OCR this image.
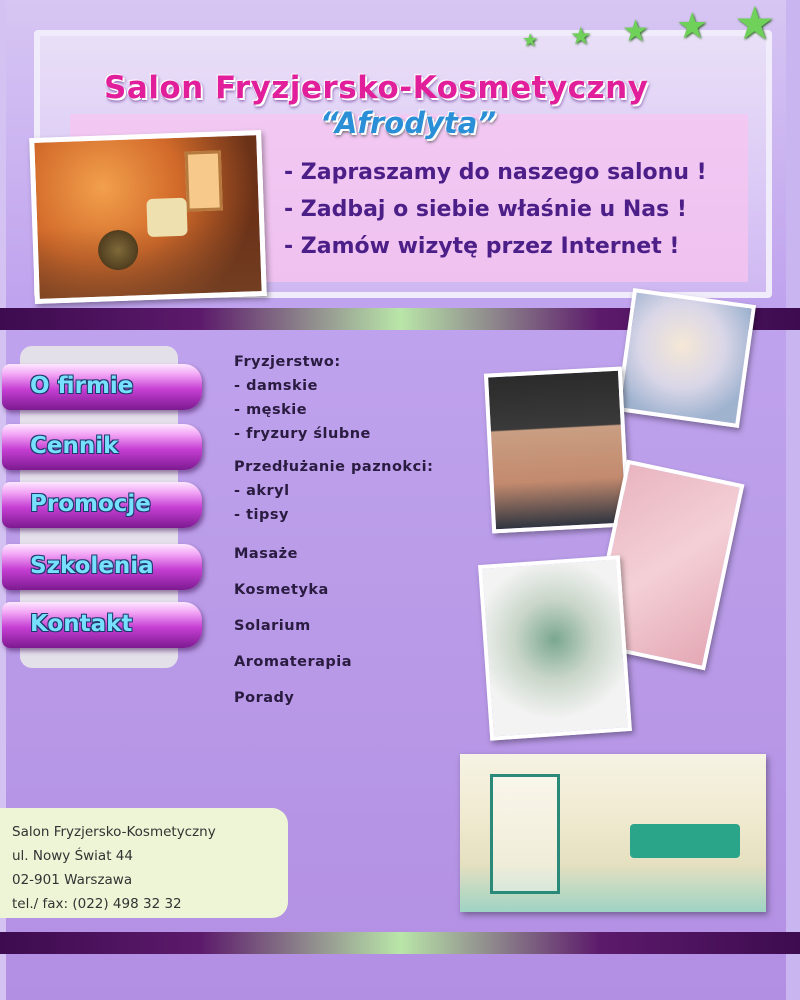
★ ★ ★ ★ ★
Salon Fryzjersko-Kosmetyczny
“Afrodyta”
- Zapraszamy do naszego salonu !
- Zadbaj o siebie właśnie u Nas !
- Zamów wizytę przez Internet !
O firmie
Cennik
Promocje
Szkolenia
Kontakt
Fryzjerstwo:
- damskie
- męskie
- fryzury ślubne
Przedłużanie paznokci:
- akryl
- tipsy
Masaże
Kosmetyka
Solarium
Aromaterapia
Porady
Salon Fryzjersko-Kosmetyczny
ul. Nowy Świat 44
02-901 Warszawa
tel./ fax: (022) 498 32 32
